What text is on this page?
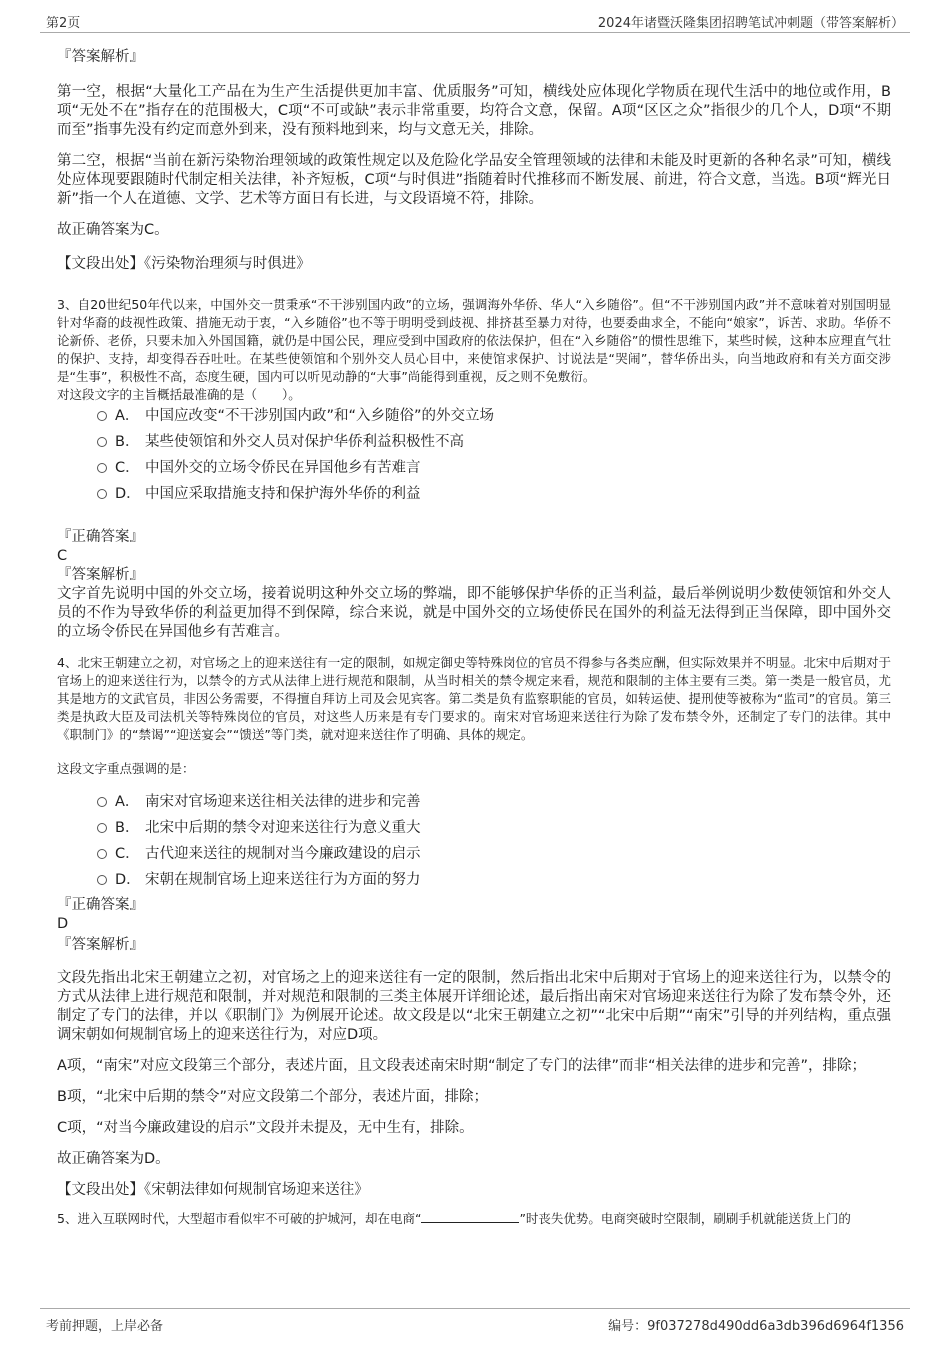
第2页	2024年诸暨沃隆集团招聘笔试冲刺题（带答案解析）

『答案解析』

第一空，根据“大量化工产品在为生产生活提供更加丰富、优质服务”可知，横线处应体现化学物质在现代生活中的地位或作用，B项“无处不在”指存在的范围极大，C项“不可或缺”表示非常重要，均符合文意，保留。A项“区区之众”指很少的几个人，D项“不期而至”指事先没有约定而意外到来，没有预料地到来，均与文意无关，排除。

第二空，根据“当前在新污染物治理领域的政策性规定以及危险化学品安全管理领域的法律和未能及时更新的各种名录”可知，横线处应体现要跟随时代制定相关法律，补齐短板，C项“与时俱进”指随着时代推移而不断发展、前进，符合文意，当选。B项“辉光日新”指一个人在道德、文学、艺术等方面日有长进，与文段语境不符，排除。

故正确答案为C。

【文段出处】《污染物治理须与时俱进》

3、自20世纪50年代以来，中国外交一贯秉承“不干涉别国内政”的立场，强调海外华侨、华人“入乡随俗”。但“不干涉别国内政”并不意味着对别国明显针对华裔的歧视性政策、措施无动于衷，“入乡随俗”也不等于明明受到歧视、排挤甚至暴力对待，也要委曲求全，不能向“娘家”，诉苦、求助。华侨不论新侨、老侨，只要未加入外国国籍，就仍是中国公民，理应受到中国政府的依法保护，但在“入乡随俗”的惯性思维下，某些时候，这种本应理直气壮的保护、支持，却变得吞吞吐吐。在某些使领馆和个别外交人员心目中，来使馆求保护、讨说法是“哭闹”，替华侨出头，向当地政府和有关方面交涉是“生事”，积极性不高，态度生硬，国内可以听见动静的“大事”尚能得到重视，反之则不免敷衍。

对这段文字的主旨概括最准确的是（　　）。

A． 中国应改变“不干涉别国内政”和“入乡随俗”的外交立场
B． 某些使领馆和外交人员对保护华侨利益积极性不高
C． 中国外交的立场令侨民在异国他乡有苦难言
D． 中国应采取措施支持和保护海外华侨的利益

『正确答案』

C

『答案解析』

文字首先说明中国的外交立场，接着说明这种外交立场的弊端，即不能够保护华侨的正当利益，最后举例说明少数使领馆和外交人员的不作为导致华侨的利益更加得不到保障，综合来说，就是中国外交的立场使侨民在国外的利益无法得到正当保障，即中国外交的立场令侨民在异国他乡有苦难言。

4、北宋王朝建立之初，对官场之上的迎来送往有一定的限制，如规定御史等特殊岗位的官员不得参与各类应酬，但实际效果并不明显。北宋中后期对于官场上的迎来送往行为，以禁令的方式从法律上进行规范和限制，从当时相关的禁令规定来看，规范和限制的主体主要有三类。第一类是一般官员，尤其是地方的文武官员，非因公务需要，不得擅自拜访上司及会见宾客。第二类是负有监察职能的官员，如转运使、提刑使等被称为“监司”的官员。第三类是执政大臣及司法机关等特殊岗位的官员，对这些人历来是有专门要求的。南宋对官场迎来送往行为除了发布禁令外，还制定了专门的法律。其中《职制门》的“禁谒”“迎送宴会”“馈送”等门类，就对迎来送往作了明确、具体的规定。

这段文字重点强调的是：

A． 南宋对官场迎来送往相关法律的进步和完善
B． 北宋中后期的禁令对迎来送往行为意义重大
C． 古代迎来送往的规制对当今廉政建设的启示
D． 宋朝在规制官场上迎来送往行为方面的努力

『正确答案』

D

『答案解析』

文段先指出北宋王朝建立之初，对官场之上的迎来送往有一定的限制，然后指出北宋中后期对于官场上的迎来送往行为，以禁令的方式从法律上进行规范和限制，并对规范和限制的三类主体展开详细论述，最后指出南宋对官场迎来送往行为除了发布禁令外，还制定了专门的法律，并以《职制门》为例展开论述。故文段是以“北宋王朝建立之初”“北宋中后期”“南宋”引导的并列结构，重点强调宋朝如何规制官场上的迎来送往行为，对应D项。

A项，“南宋”对应文段第三个部分，表述片面，且文段表述南宋时期“制定了专门的法律”而非“相关法律的进步和完善”，排除；

B项，“北宋中后期的禁令”对应文段第二个部分，表述片面，排除；

C项，“对当今廉政建设的启示”文段并未提及，无中生有，排除。

故正确答案为D。

【文段出处】《宋朝法律如何规制官场迎来送往》

5、进入互联网时代，大型超市看似牢不可破的护城河，却在电商“	”时丧失优势。电商突破时空限制，刷刷手机就能送货上门的

考前押题，上岸必备	编号：9f037278d490dd6a3db396d6964f1356
